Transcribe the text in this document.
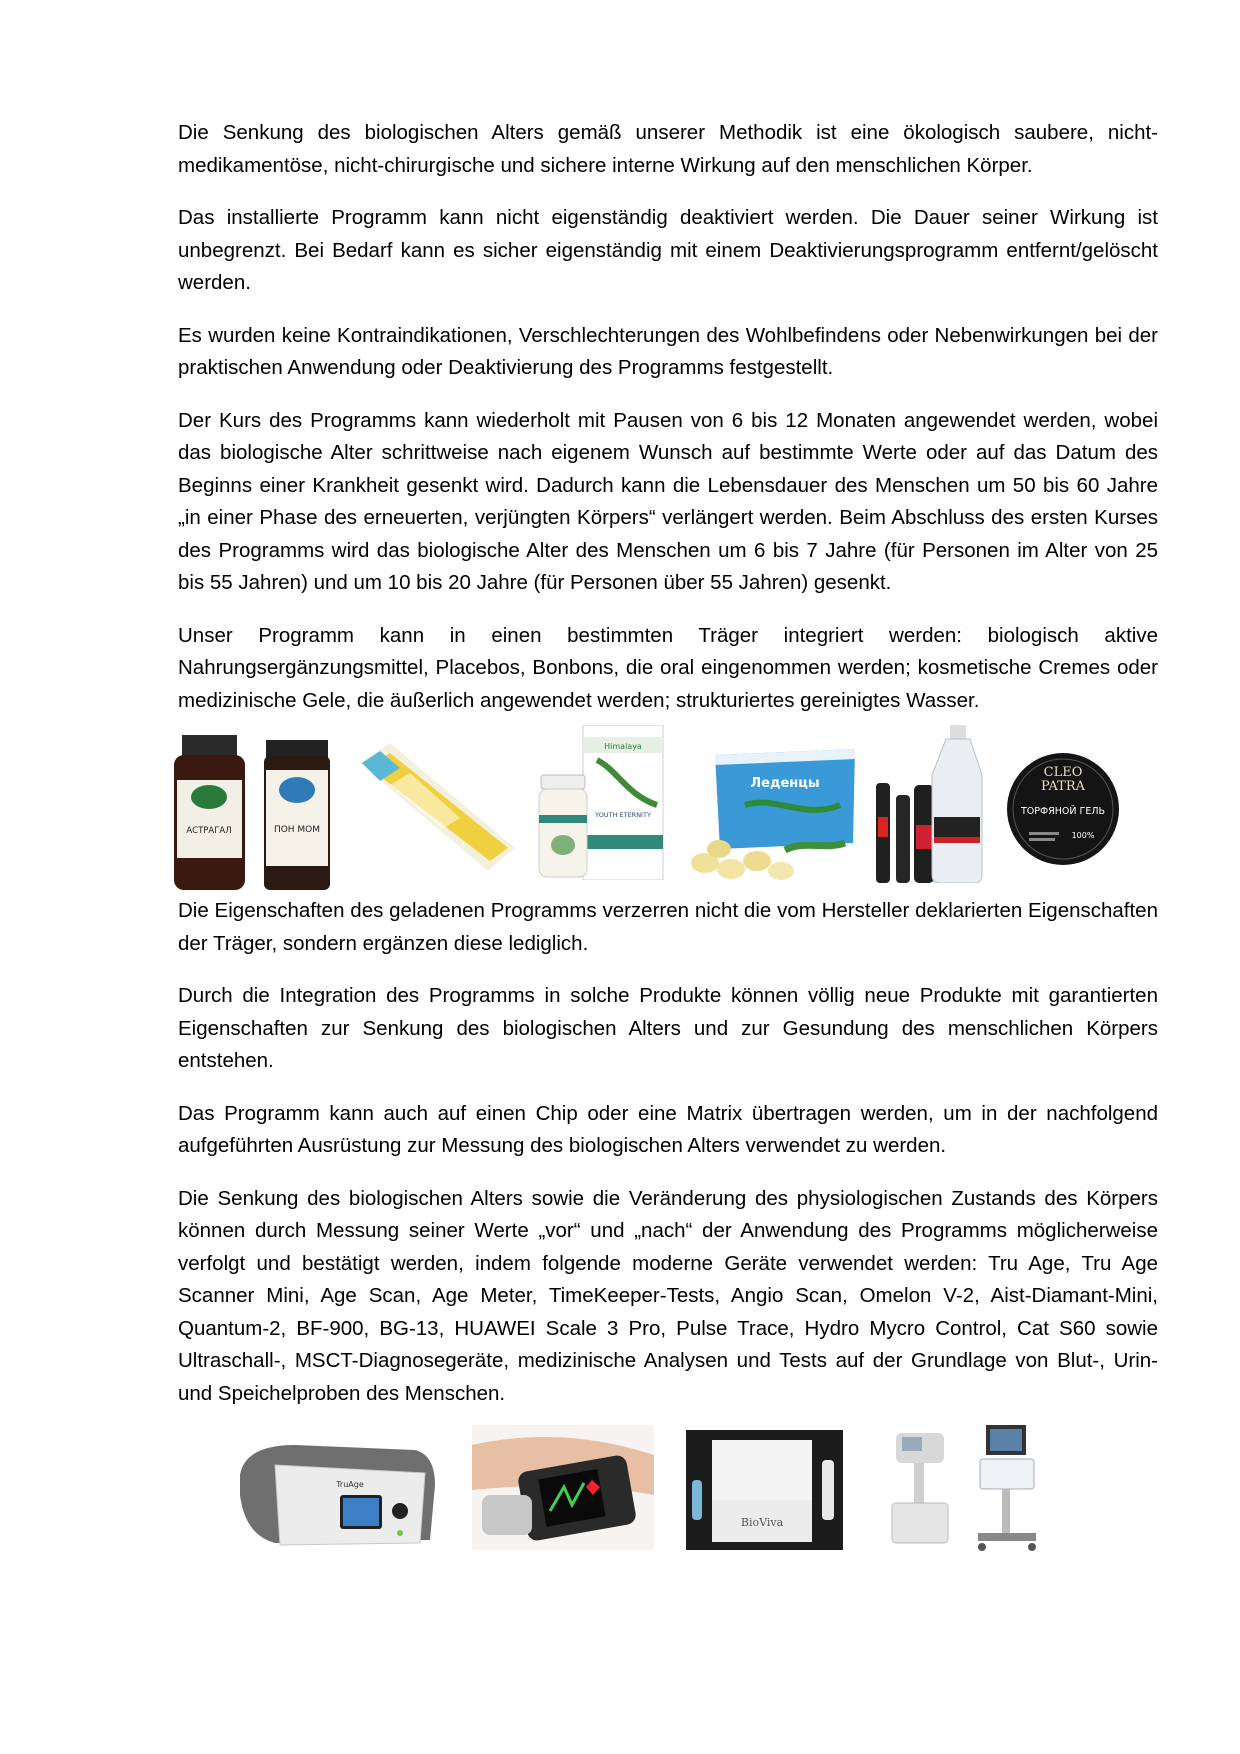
Die Senkung des biologischen Alters gemäß unserer Methodik ist eine ökologisch saubere, nicht-medikamentöse, nicht-chirurgische und sichere interne Wirkung auf den menschlichen Körper.

Das installierte Programm kann nicht eigenständig deaktiviert werden. Die Dauer seiner Wirkung ist unbegrenzt. Bei Bedarf kann es sicher eigenständig mit einem Deaktivierungsprogramm entfernt/gelöscht werden.

Es wurden keine Kontraindikationen, Verschlechterungen des Wohlbefindens oder Nebenwirkungen bei der praktischen Anwendung oder Deaktivierung des Programms festgestellt.

Der Kurs des Programms kann wiederholt mit Pausen von 6 bis 12 Monaten angewendet werden, wobei das biologische Alter schrittweise nach eigenem Wunsch auf bestimmte Werte oder auf das Datum des Beginns einer Krankheit gesenkt wird. Dadurch kann die Lebensdauer des Menschen um 50 bis 60 Jahre „in einer Phase des erneuerten, verjüngten Körpers“ verlängert werden. Beim Abschluss des ersten Kurses des Programms wird das biologische Alter des Menschen um 6 bis 7 Jahre (für Personen im Alter von 25 bis 55 Jahren) und um 10 bis 20 Jahre (für Personen über 55 Jahren) gesenkt.

Unser Programm kann in einen bestimmten Träger integriert werden: biologisch aktive Nahrungsergänzungsmittel, Placebos, Bonbons, die oral eingenommen werden; kosmetische Cremes oder medizinische Gele, die äußerlich angewendet werden; strukturiertes gereinigtes Wasser.

АСТРАГАЛ	ПОН МОМ
Himalaya
YOUTH ETERNITY
Леденцы
CLEO
PATRA
ТОРФЯНОЙ ГЕЛЬ
100%

Die Eigenschaften des geladenen Programms verzerren nicht die vom Hersteller deklarierten Eigenschaften der Träger, sondern ergänzen diese lediglich.

Durch die Integration des Programms in solche Produkte können völlig neue Produkte mit garantierten Eigenschaften zur Senkung des biologischen Alters und zur Gesundung des menschlichen Körpers entstehen.

Das Programm kann auch auf einen Chip oder eine Matrix übertragen werden, um in der nachfolgend aufgeführten Ausrüstung zur Messung des biologischen Alters verwendet zu werden.

Die Senkung des biologischen Alters sowie die Veränderung des physiologischen Zustands des Körpers können durch Messung seiner Werte „vor“ und „nach“ der Anwendung des Programms möglicherweise verfolgt und bestätigt werden, indem folgende moderne Geräte verwendet werden: Tru Age, Tru Age Scanner Mini, Age Scan, Age Meter, TimeKeeper-Tests, Angio Scan, Omelon V-2, Aist-Diamant-Mini, Quantum-2, BF-900, BG-13, HUAWEI Scale 3 Pro, Pulse Trace, Hydro Mycro Control, Cat S60 sowie Ultraschall-, MSCT-Diagnosegeräte, medizinische Analysen und Tests auf der Grundlage von Blut-, Urin- und Speichelproben des Menschen.

TruAge
BioViva
